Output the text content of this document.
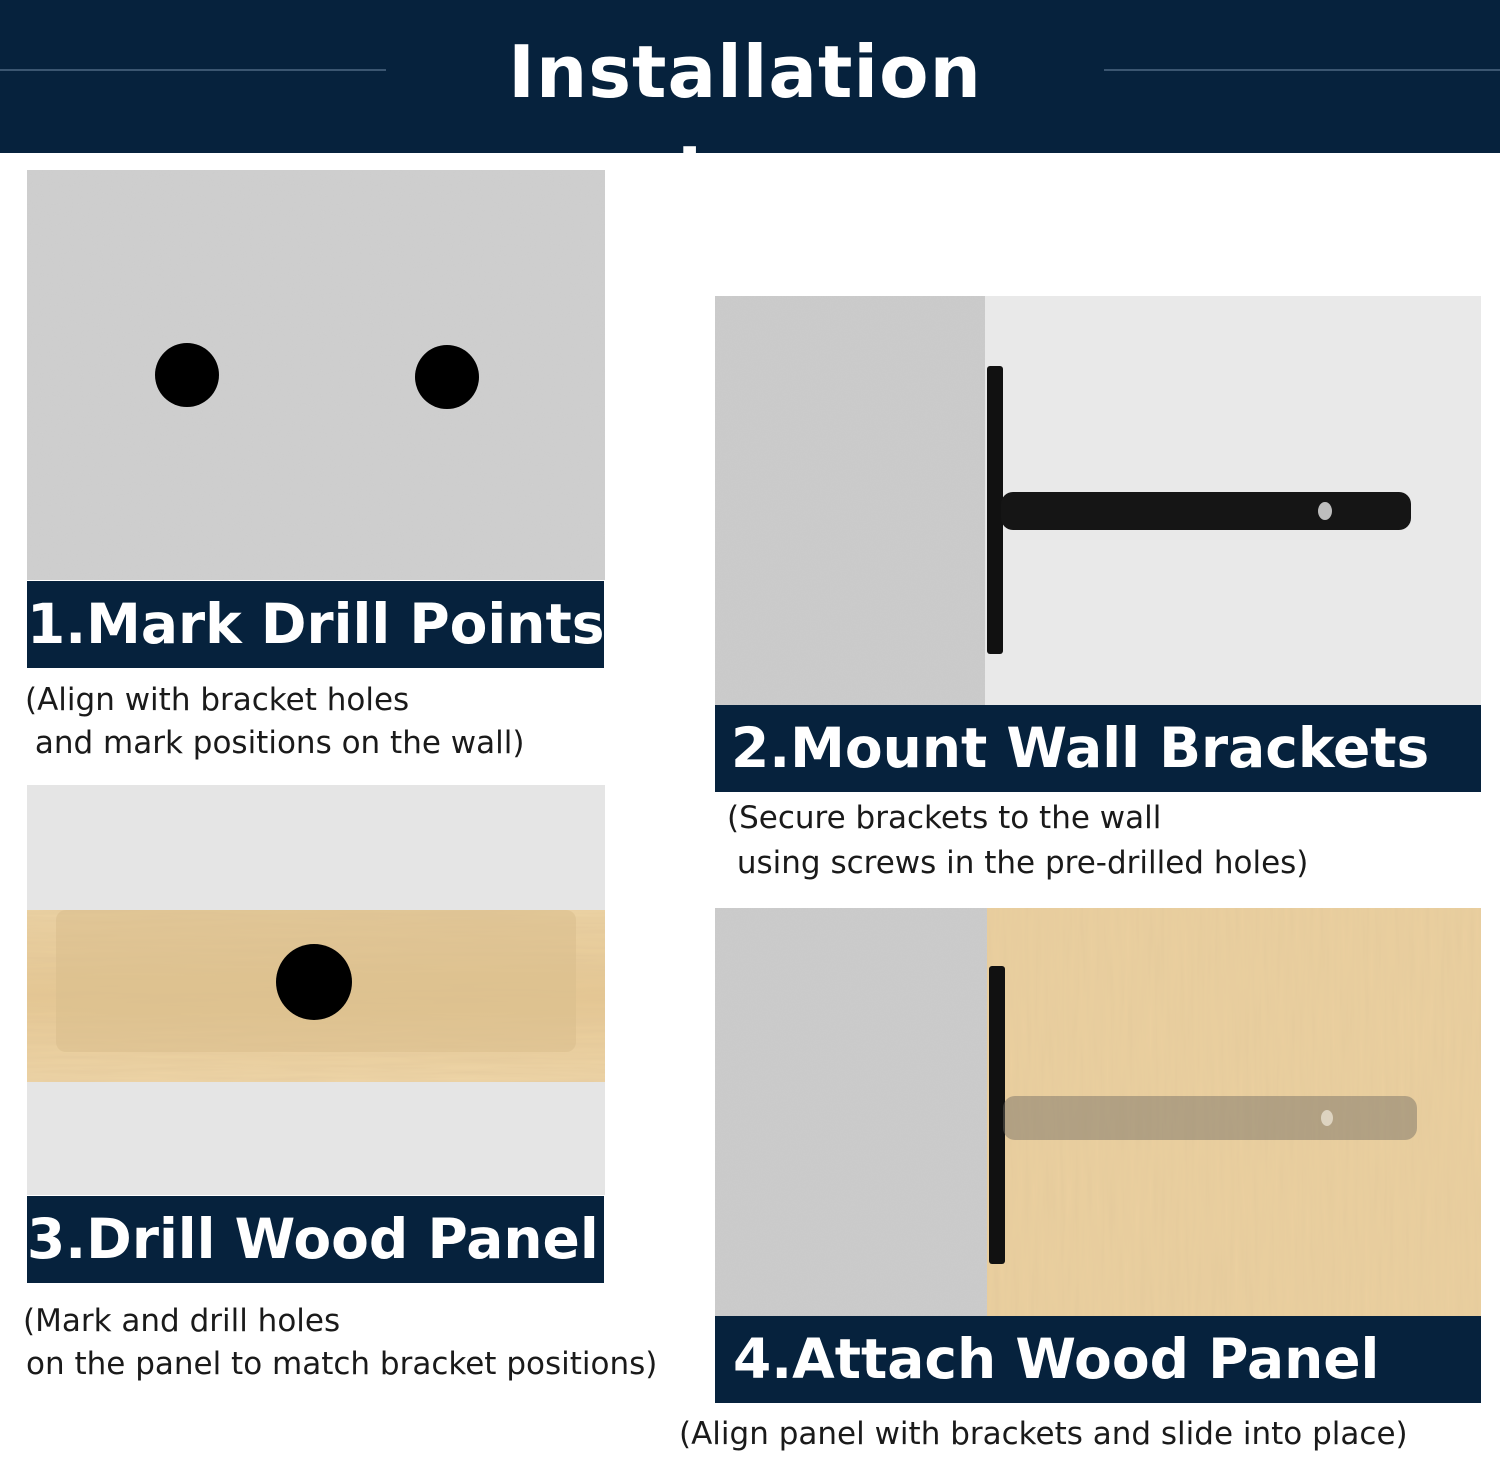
Installation steps
1.Mark Drill Points
(Align with bracket holes
and mark positions on the wall)	2.Mount Wall Brackets
(Secure brackets to the wall
using screws in the pre-drilled holes)
3.Drill Wood Panel
(Mark and drill holes
on the panel to match bracket positions)	4.Attach Wood Panel
(Align panel with brackets and slide into place)
